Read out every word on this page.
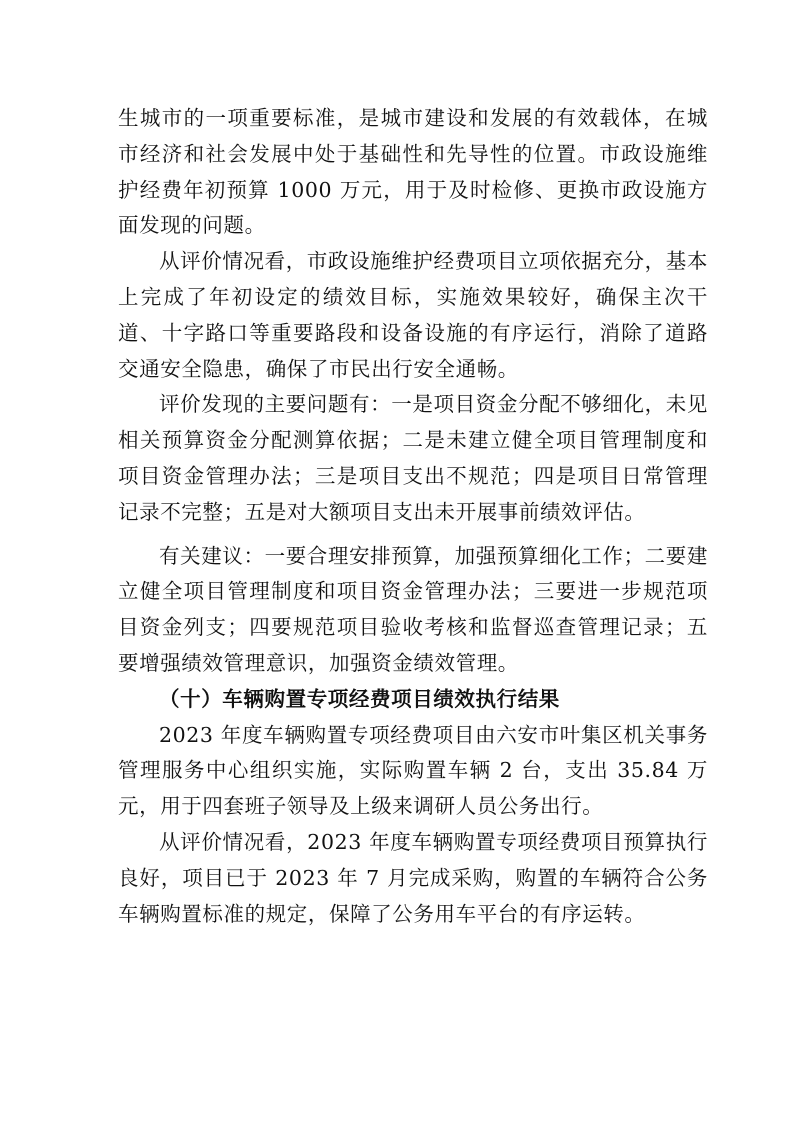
生城市的一项重要标准，是城市建设和发展的有效载体，在城市经济和社会发展中处于基础性和先导性的位置。市政设施维护经费年初预算 1000 万元，用于及时检修、更换市政设施方面发现的问题。

从评价情况看，市政设施维护经费项目立项依据充分，基本上完成了年初设定的绩效目标，实施效果较好，确保主次干道、十字路口等重要路段和设备设施的有序运行，消除了道路交通安全隐患，确保了市民出行安全通畅。

评价发现的主要问题有：一是项目资金分配不够细化，未见相关预算资金分配测算依据；二是未建立健全项目管理制度和项目资金管理办法；三是项目支出不规范；四是项目日常管理记录不完整；五是对大额项目支出未开展事前绩效评估。

有关建议：一要合理安排预算，加强预算细化工作；二要建立健全项目管理制度和项目资金管理办法；三要进一步规范项目资金列支；四要规范项目验收考核和监督巡查管理记录；五要增强绩效管理意识，加强资金绩效管理。

（十）车辆购置专项经费项目绩效执行结果

2023 年度车辆购置专项经费项目由六安市叶集区机关事务管理服务中心组织实施，实际购置车辆 2 台，支出 35.84 万元，用于四套班子领导及上级来调研人员公务出行。

从评价情况看，2023 年度车辆购置专项经费项目预算执行良好，项目已于 2023 年 7 月完成采购，购置的车辆符合公务车辆购置标准的规定，保障了公务用车平台的有序运转。
